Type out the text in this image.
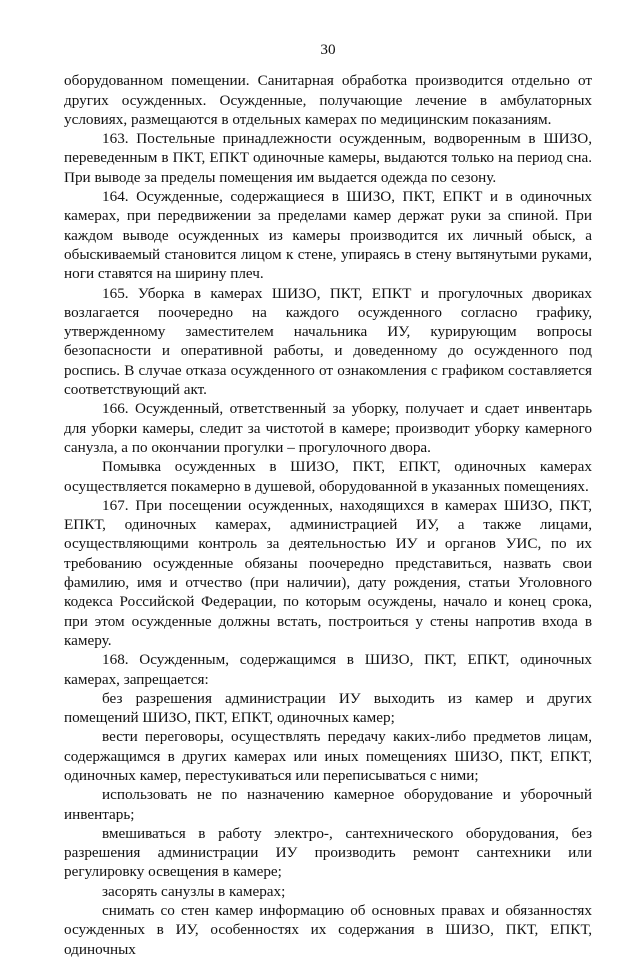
30

оборудованном помещении. Санитарная обработка производится отдельно от других осужденных. Осужденные, получающие лечение в амбулаторных условиях, размещаются в отдельных камерах по медицинским показаниям.

163. Постельные принадлежности осужденным, водворенным в ШИЗО, переведенным в ПКТ, ЕПКТ одиночные камеры, выдаются только на период сна. При выводе за пределы помещения им выдается одежда по сезону.

164. Осужденные, содержащиеся в ШИЗО, ПКТ, ЕПКТ и в одиночных камерах, при передвижении за пределами камер держат руки за спиной. При каждом выводе осужденных из камеры производится их личный обыск, а обыскиваемый становится лицом к стене, упираясь в стену вытянутыми руками, ноги ставятся на ширину плеч.

165. Уборка в камерах ШИЗО, ПКТ, ЕПКТ и прогулочных двориках возлагается поочередно на каждого осужденного согласно графику, утвержденному заместителем начальника ИУ, курирующим вопросы безопасности и оперативной работы, и доведенному до осужденного под роспись. В случае отказа осужденного от ознакомления с графиком составляется соответствующий акт.

166. Осужденный, ответственный за уборку, получает и сдает инвентарь для уборки камеры, следит за чистотой в камере; производит уборку камерного санузла, а по окончании прогулки – прогулочного двора.

Помывка осужденных в ШИЗО, ПКТ, ЕПКТ, одиночных камерах осуществляется покамерно в душевой, оборудованной в указанных помещениях.

167. При посещении осужденных, находящихся в камерах ШИЗО, ПКТ, ЕПКТ, одиночных камерах, администрацией ИУ, а также лицами, осуществляющими контроль за деятельностью ИУ и органов УИС, по их требованию осужденные обязаны поочередно представиться, назвать свои фамилию, имя и отчество (при наличии), дату рождения, статьи Уголовного кодекса Российской Федерации, по которым осуждены, начало и конец срока, при этом осужденные должны встать, построиться у стены напротив входа в камеру.

168. Осужденным, содержащимся в ШИЗО, ПКТ, ЕПКТ, одиночных камерах, запрещается:

без разрешения администрации ИУ выходить из камер и других помещений ШИЗО, ПКТ, ЕПКТ, одиночных камер;

вести переговоры, осуществлять передачу каких-либо предметов лицам, содержащимся в других камерах или иных помещениях ШИЗО, ПКТ, ЕПКТ, одиночных камер, перестукиваться или переписываться с ними;

использовать не по назначению камерное оборудование и уборочный инвентарь;

вмешиваться в работу электро-, сантехнического оборудования, без разрешения администрации ИУ производить ремонт сантехники или регулировку освещения в камере;

засорять санузлы в камерах;

снимать со стен камер информацию об основных правах и обязанностях осужденных в ИУ, особенностях их содержания в ШИЗО, ПКТ, ЕПКТ, одиночных
